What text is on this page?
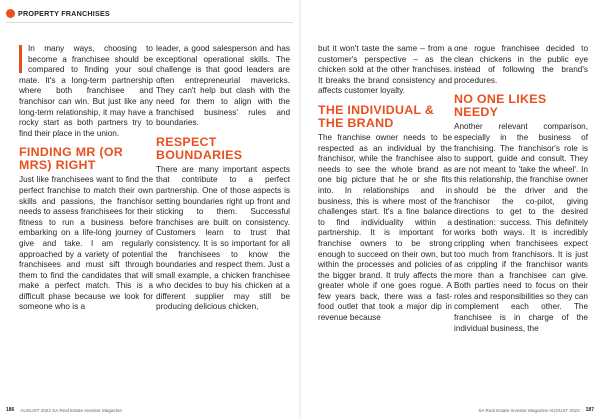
PROPERTY FRANCHISES

In many ways, choosing to become a franchisee should be compared to finding your soul mate. It's a long-term partnership where both franchisee and franchisor can win. But just like any long-term relationship, it may have a rocky start as both partners try to find their place in the union.

FINDING MR (OR MRS) RIGHT

Just like franchisees want to find the perfect franchise to match their own skills and passions, the franchisor needs to assess franchisees for their fitness to run a business before embarking on a life-long journey of give and take. I am regularly approached by a variety of potential franchisees and must sift through them to find the candidates that will make a perfect match. This is a difficult phase because we look for someone who is a

leader, a good salesperson and has exceptional operational skills. The challenge is that good leaders are often entrepreneurial mavericks. They can't help but clash with the need for them to align with the franchised business' rules and boundaries.

RESPECT BOUNDARIES

There are many important aspects that contribute to a perfect partnership. One of those aspects is setting boundaries right up front and sticking to them. Successful franchises are built on consistency. Customers learn to trust that consistency. It is so important for all the franchisees to know the boundaries and respect them. Just a small example, a chicken franchisee who decides to buy his chicken at a different supplier may still be producing delicious chicken,

but it won't taste the same – from a customer's perspective – as the chicken sold at the other franchises. It breaks the brand consistency and affects customer loyalty.

THE INDIVIDUAL & THE BRAND

The franchise owner needs to be respected as an individual by the franchisor, while the franchisee also needs to see the whole brand as one big picture that he or she fits into. In relationships and in business, this is where most of the challenges start. It's a fine balance to find individuality within a partnership. It is important for franchise owners to be strong enough to succeed on their own, but within the processes and policies of the bigger brand. It truly affects the greater whole if one goes rogue. A few years back, there was a fast-food outlet that took a major dip in revenue because

one rogue franchisee decided to clean chickens in the public eye instead of following the brand's procedures.

NO ONE LIKES NEEDY

Another relevant comparison, especially in the business of franchising. The franchisor's role is to support, guide and consult. They are not meant to 'take the wheel'. In this relationship, the franchise owner should be the driver and the franchisor the co-pilot, giving directions to get to the desired destination: success. This definitely works both ways. It is incredibly crippling when franchisees expect too much from franchisors. It is just as crippling if the franchisor wants more than a franchisee can give. Both parties need to focus on their roles and responsibilities so they can complement each other. The franchisee is in charge of the individual business, the

186 AUGUST 2022 SA Real Estate Investor Magazine	SA Real Estate Investor Magazine AUGUST 2022 187
